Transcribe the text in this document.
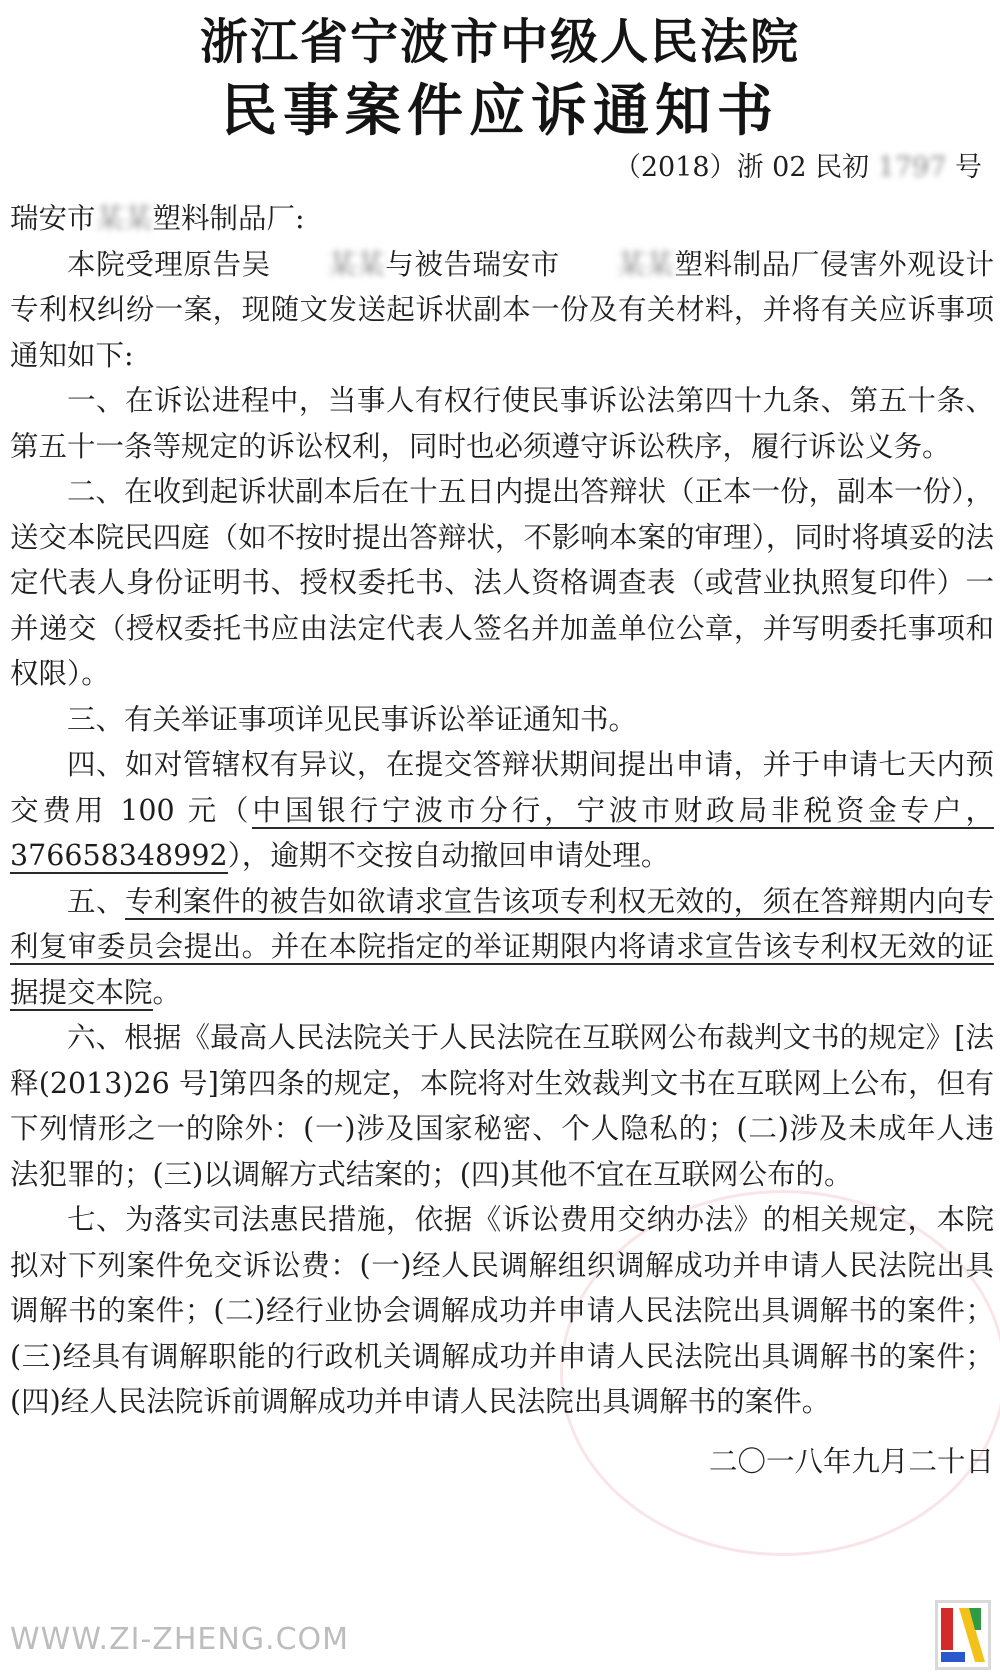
浙江省宁波市中级人民法院
民事案件应诉通知书
（2018）浙 02 民初 1797 号

瑞安市某某塑料制品厂:

本院受理原告吴 某某与被告瑞安市 某某塑料制品厂侵害外观设计专利权纠纷一案，现随文发送起诉状副本一份及有关材料，并将有关应诉事项通知如下:

一、在诉讼进程中，当事人有权行使民事诉讼法第四十九条、第五十条、第五十一条等规定的诉讼权利，同时也必须遵守诉讼秩序，履行诉讼义务。

二、在收到起诉状副本后在十五日内提出答辩状（正本一份，副本一份），送交本院民四庭（如不按时提出答辩状，不影响本案的审理），同时将填妥的法定代表人身份证明书、授权委托书、法人资格调查表（或营业执照复印件）一并递交（授权委托书应由法定代表人签名并加盖单位公章，并写明委托事项和权限）。

三、有关举证事项详见民事诉讼举证通知书。

四、如对管辖权有异议，在提交答辩状期间提出申请，并于申请七天内预交费用 100 元（中国银行宁波市分行，宁波市财政局非税资金专户，376658348992），逾期不交按自动撤回申请处理。

五、专利案件的被告如欲请求宣告该项专利权无效的，须在答辩期内向专利复审委员会提出。并在本院指定的举证期限内将请求宣告该专利权无效的证据提交本院。

六、根据《最高人民法院关于人民法院在互联网公布裁判文书的规定》[法释(2013)26 号]第四条的规定，本院将对生效裁判文书在互联网上公布，但有下列情形之一的除外：(一)涉及国家秘密、个人隐私的；(二)涉及未成年人违法犯罪的；(三)以调解方式结案的；(四)其他不宜在互联网公布的。

七、为落实司法惠民措施，依据《诉讼费用交纳办法》的相关规定，本院拟对下列案件免交诉讼费：(一)经人民调解组织调解成功并申请人民法院出具调解书的案件；(二)经行业协会调解成功并申请人民法院出具调解书的案件；(三)经具有调解职能的行政机关调解成功并申请人民法院出具调解书的案件；(四)经人民法院诉前调解成功并申请人民法院出具调解书的案件。

二〇一八年九月二十日

WWW.ZI-ZHENG.COM
